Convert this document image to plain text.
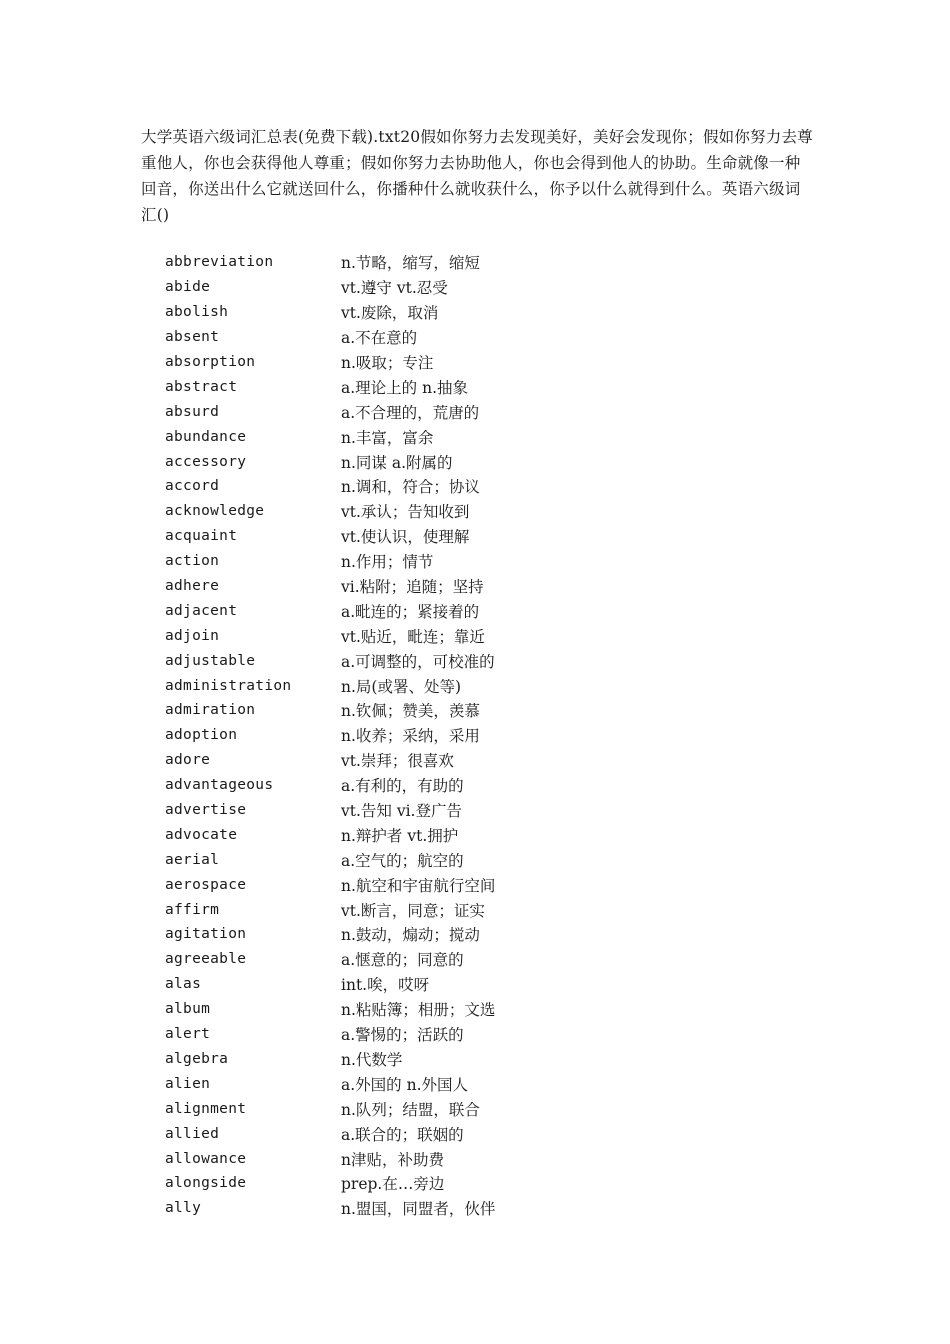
大学英语六级词汇总表(免费下载).txt20假如你努力去发现美好，美好会发现你；假如你努力去尊重他人，你也会获得他人尊重；假如你努力去协助他人，你也会得到他人的协助。生命就像一种回音，你送出什么它就送回什么，你播种什么就收获什么，你予以什么就得到什么。英语六级词汇()

abbreviation	n.节略，缩写，缩短
abide	vt.遵守 vt.忍受
abolish	vt.废除，取消
absent	a.不在意的
absorption	n.吸取；专注
abstract	a.理论上的 n.抽象
absurd	a.不合理的，荒唐的
abundance	n.丰富，富余
accessory	n.同谋 a.附属的
accord	n.调和，符合；协议
acknowledge	vt.承认；告知收到
acquaint	vt.使认识，使理解
action	n.作用；情节
adhere	vi.粘附；追随；坚持
adjacent	a.毗连的；紧接着的
adjoin	vt.贴近，毗连；靠近
adjustable	a.可调整的，可校准的
administration	n.局(或署、处等)
admiration	n.钦佩；赞美，羡慕
adoption	n.收养；采纳，采用
adore	vt.崇拜；很喜欢
advantageous	a.有利的，有助的
advertise	vt.告知 vi.登广告
advocate	n.辩护者 vt.拥护
aerial	a.空气的；航空的
aerospace	n.航空和宇宙航行空间
affirm	vt.断言，同意；证实
agitation	n.鼓动，煽动；搅动
agreeable	a.惬意的；同意的
alas	int.唉，哎呀
album	n.粘贴簿；相册；文选
alert	a.警惕的；活跃的
algebra	n.代数学
alien	a.外国的 n.外国人
alignment	n.队列；结盟，联合
allied	a.联合的；联姻的
allowance	n津贴，补助费
alongside	prep.在…旁边
ally	n.盟国，同盟者，伙伴
